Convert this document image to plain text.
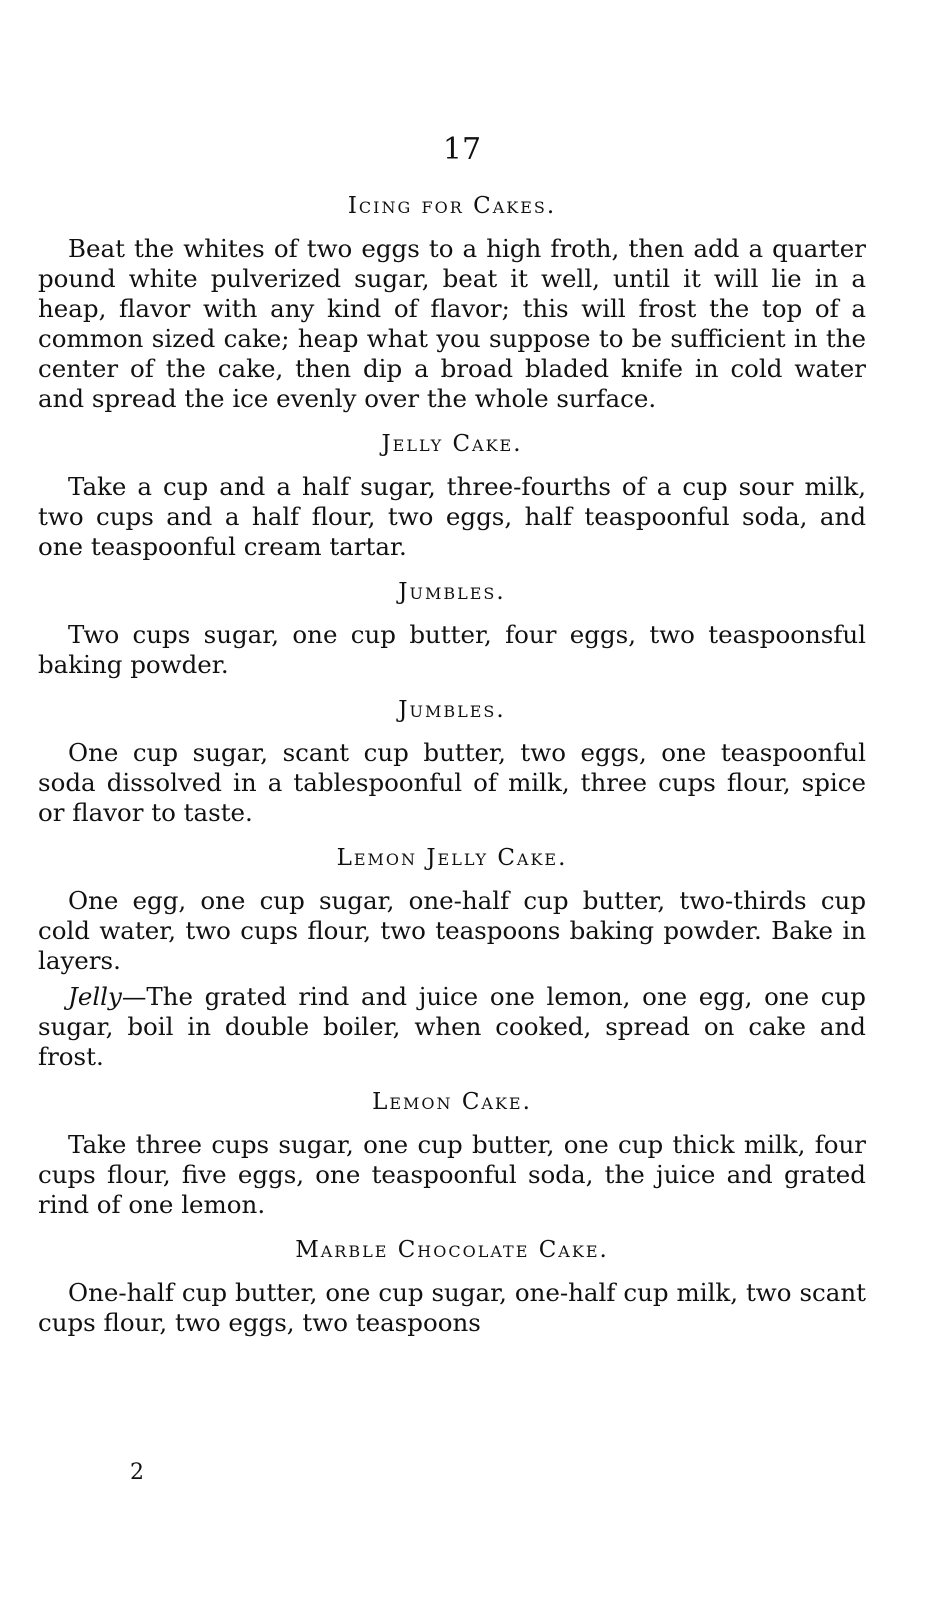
17
Icing for Cakes.

Beat the whites of two eggs to a high froth, then add a quarter pound white pulverized sugar, beat it well, until it will lie in a heap, flavor with any kind of flavor; this will frost the top of a common sized cake; heap what you suppose to be sufficient in the center of the cake, then dip a broad bladed knife in cold water and spread the ice evenly over the whole surface.

Jelly Cake.

Take a cup and a half sugar, three-fourths of a cup sour milk, two cups and a half flour, two eggs, half teaspoonful soda, and one teaspoonful cream tartar.

Jumbles.

Two cups sugar, one cup butter, four eggs, two teaspoonsful baking powder.

Jumbles.

One cup sugar, scant cup butter, two eggs, one teaspoonful soda dissolved in a tablespoonful of milk, three cups flour, spice or flavor to taste.

Lemon Jelly Cake.

One egg, one cup sugar, one-half cup butter, two-thirds cup cold water, two cups flour, two teaspoons baking powder. Bake in layers.

Jelly—The grated rind and juice one lemon, one egg, one cup sugar, boil in double boiler, when cooked, spread on cake and frost.

Lemon Cake.

Take three cups sugar, one cup butter, one cup thick milk, four cups flour, five eggs, one teaspoonful soda, the juice and grated rind of one lemon.

Marble Chocolate Cake.

One-half cup butter, one cup sugar, one-half cup milk, two scant cups flour, two eggs, two teaspoons

2
